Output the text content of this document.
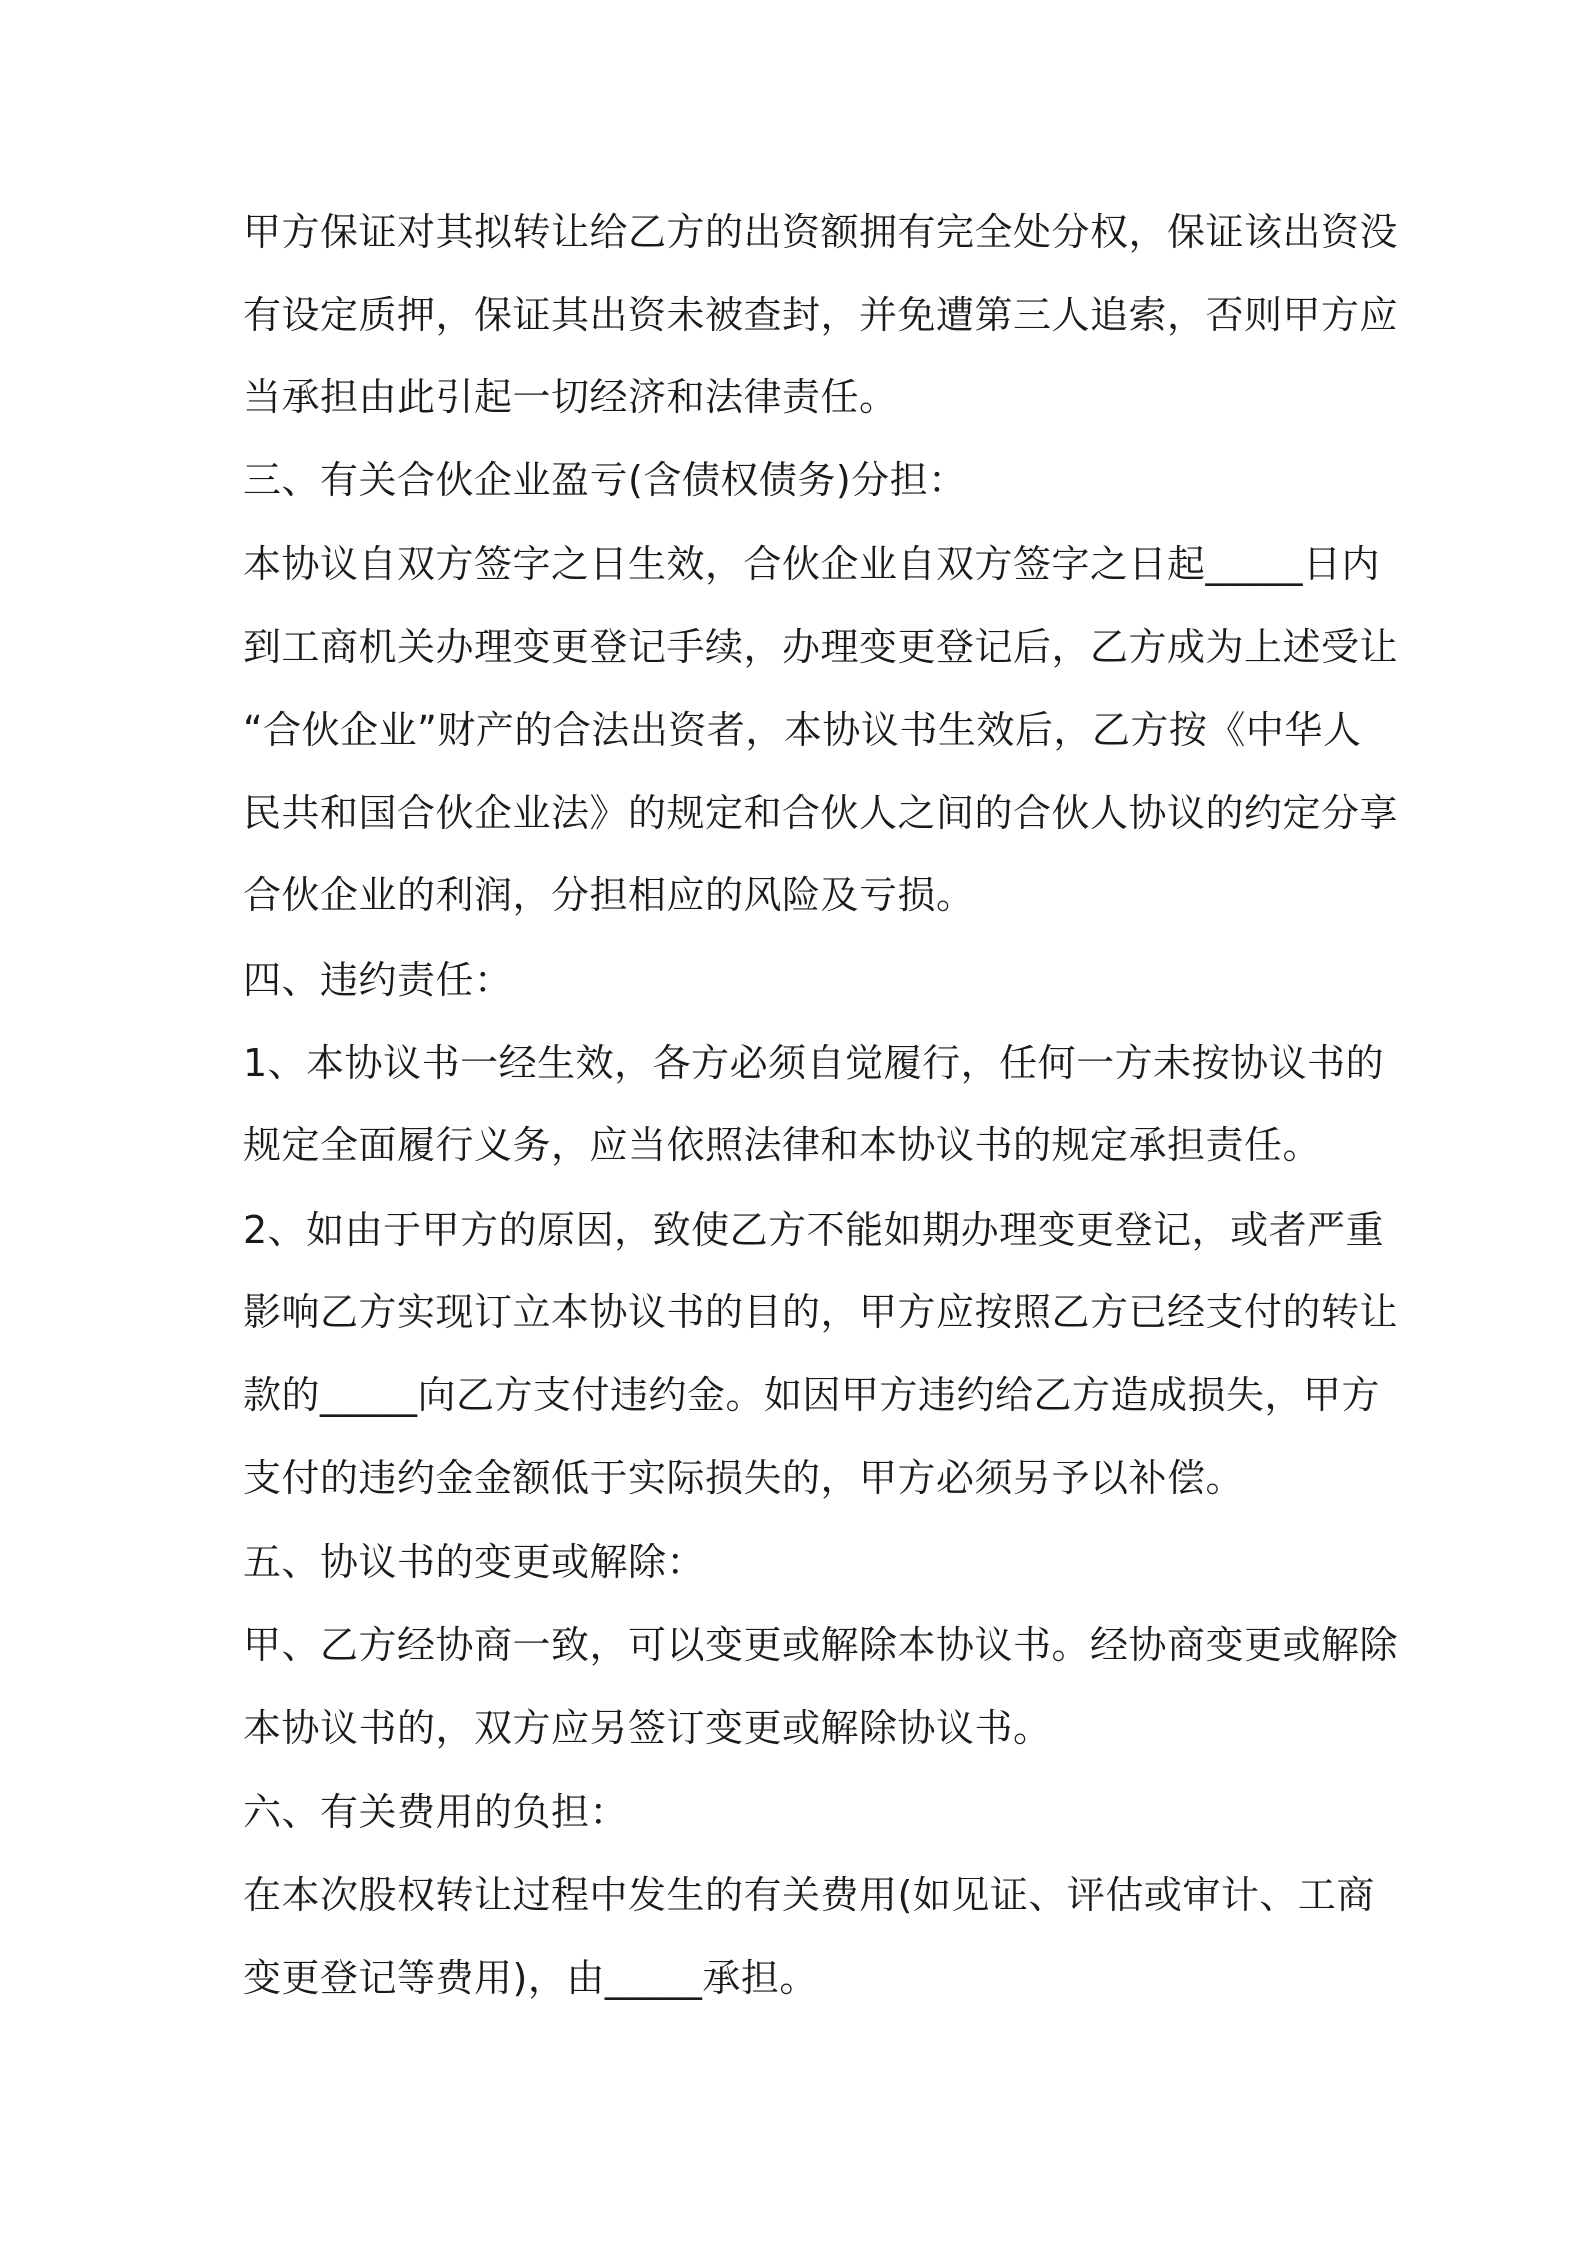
甲方保证对其拟转让给乙方的出资额拥有完全处分权，保证该出资没
有设定质押，保证其出资未被查封，并免遭第三人追索，否则甲方应
当承担由此引起一切经济和法律责任。
三、有关合伙企业盈亏(含债权债务)分担：
本协议自双方签字之日生效，合伙企业自双方签字之日起_____日内
到工商机关办理变更登记手续，办理变更登记后，乙方成为上述受让
“合伙企业”财产的合法出资者，本协议书生效后，乙方按《中华人
民共和国合伙企业法》的规定和合伙人之间的合伙人协议的约定分享
合伙企业的利润，分担相应的风险及亏损。
四、违约责任：
1、本协议书一经生效，各方必须自觉履行，任何一方未按协议书的
规定全面履行义务，应当依照法律和本协议书的规定承担责任。
2、如由于甲方的原因，致使乙方不能如期办理变更登记，或者严重
影响乙方实现订立本协议书的目的，甲方应按照乙方已经支付的转让
款的_____向乙方支付违约金。如因甲方违约给乙方造成损失，甲方
支付的违约金金额低于实际损失的，甲方必须另予以补偿。
五、协议书的变更或解除：
甲、乙方经协商一致，可以变更或解除本协议书。经协商变更或解除
本协议书的，双方应另签订变更或解除协议书。
六、有关费用的负担：
在本次股权转让过程中发生的有关费用(如见证、评估或审计、工商
变更登记等费用)，由_____承担。
